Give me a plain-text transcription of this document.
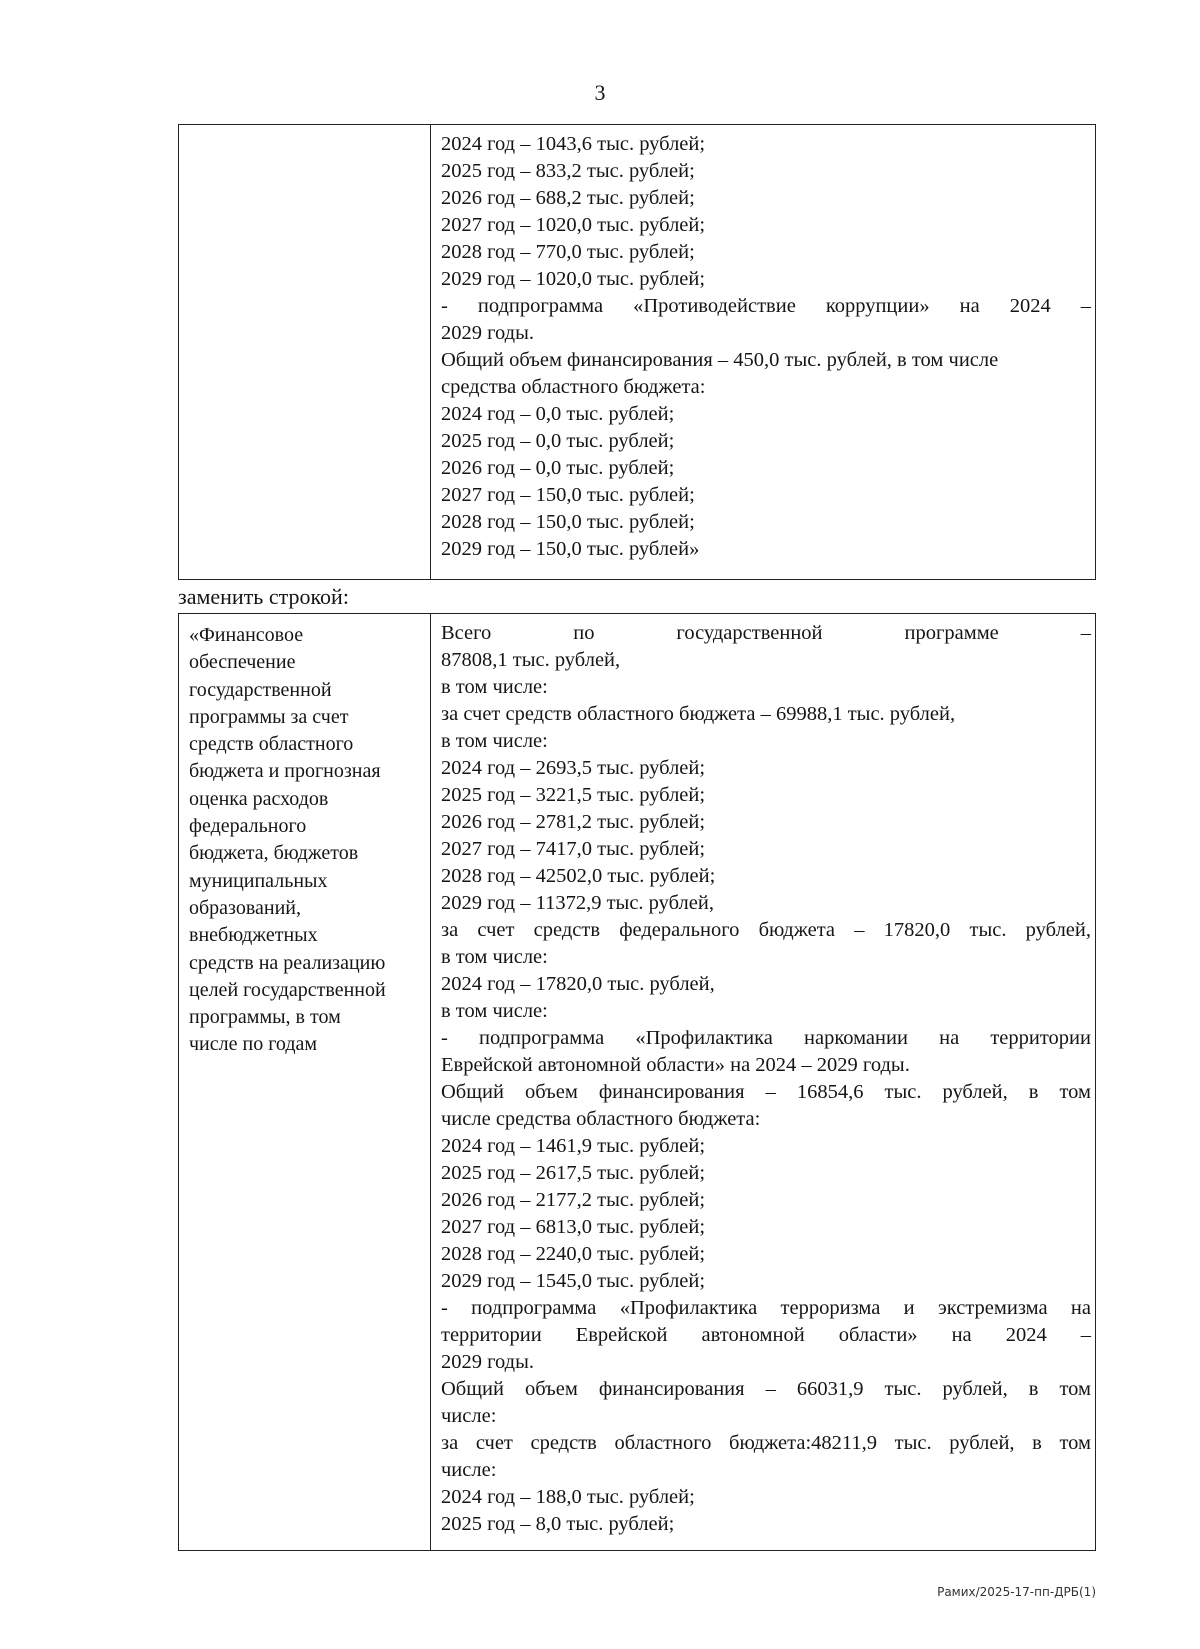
3
2024 год – 1043,6 тыс. рублей;
2025 год – 833,2 тыс. рублей;
2026 год – 688,2 тыс. рублей;
2027 год – 1020,0 тыс. рублей;
2028 год – 770,0 тыс. рублей;
2029 год – 1020,0 тыс. рублей;
- подпрограмма «Противодействие коррупции» на 2024 –
2029 годы.
Общий объем финансирования – 450,0 тыс. рублей, в том числе
средства областного бюджета:
2024 год – 0,0 тыс. рублей;
2025 год – 0,0 тыс. рублей;
2026 год – 0,0 тыс. рублей;
2027 год – 150,0 тыс. рублей;
2028 год – 150,0 тыс. рублей;
2029 год – 150,0 тыс. рублей»
заменить строкой:
«Финансовое
обеспечение
государственной
программы за счет
средств областного
бюджета и прогнозная
оценка расходов
федерального
бюджета, бюджетов
муниципальных
образований,
внебюджетных
средств на реализацию
целей государственной
программы, в том
числе по годам
Всего по государственной программе –
87808,1 тыс. рублей,
в том числе:
за счет средств областного бюджета – 69988,1 тыс. рублей,
в том числе:
2024 год – 2693,5 тыс. рублей;
2025 год – 3221,5 тыс. рублей;
2026 год – 2781,2 тыс. рублей;
2027 год – 7417,0 тыс. рублей;
2028 год – 42502,0 тыс. рублей;
2029 год – 11372,9 тыс. рублей,
за счет средств федерального бюджета – 17820,0 тыс. рублей,
в том числе:
2024 год – 17820,0 тыс. рублей,
в том числе:
- подпрограмма «Профилактика наркомании на территории
Еврейской автономной области» на 2024 – 2029 годы.
Общий объем финансирования – 16854,6 тыс. рублей, в том
числе средства областного бюджета:
2024 год – 1461,9 тыс. рублей;
2025 год – 2617,5 тыс. рублей;
2026 год – 2177,2 тыс. рублей;
2027 год – 6813,0 тыс. рублей;
2028 год – 2240,0 тыс. рублей;
2029 год – 1545,0 тыс. рублей;
- подпрограмма «Профилактика терроризма и экстремизма на
территории Еврейской автономной области» на 2024 –
2029 годы.
Общий объем финансирования – 66031,9 тыс. рублей, в том
числе:
за счет средств областного бюджета:48211,9 тыс. рублей, в том
числе:
2024 год – 188,0 тыс. рублей;
2025 год – 8,0 тыс. рублей;
Рамих/2025-17-пп-ДРБ(1)
